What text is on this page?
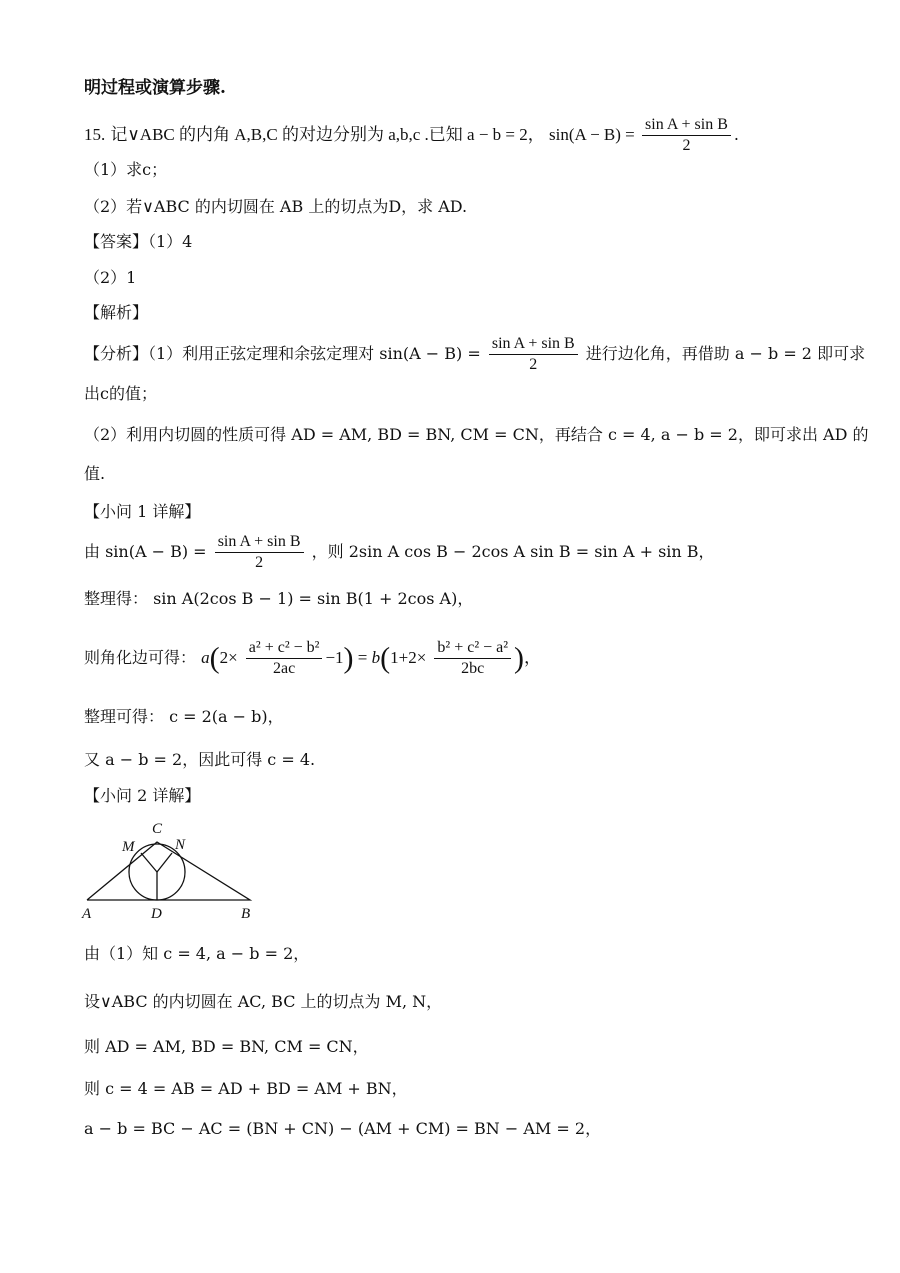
明过程或演算步骤.
15. 记∨ABC 的内角 A,B,C 的对边分别为 a,b,c .已知 a − b = 2， $\sin(A - B) = \frac{\text{sin A + sin B}}{2}$ .
（1）求c；
（2）若∨ABC 的内切圆在 AB 上的切点为D，求 AD.
【答案】（1）4
（2）1
【解析】
【分析】（1）利用正弦定理和余弦定理对 $\sin(A - B) = \frac{\text{sin A + sin B}}{2}$ 进行边化角，再借助 a − b = 2 即可求
出c的值；
（2）利用内切圆的性质可得 AD = AM, BD = BN, CM = CN，再结合 c = 4, a − b = 2，即可求出 AD 的
值.
【小问 1 详解】
由 $\sin(A - B) = \frac{\text{sin A + sin B}}{2}$ ，则 2sin A cos B − 2cos A sin B = sin A + sin B，
整理得： sin A(2cos B − 1) = sin B(1 + 2cos A)，
则角化边可得： $a(2\times \frac{\text{a² + c² − b²}}{2ac} -1) = b(1+2\times \frac{\text{b² + c² − a²}}{2bc}$ )，
整理可得： c = 2(a − b)，
又 a − b = 2，因此可得 c = 4.
【小问 2 详解】
C
M	N
A	D	B
由（1）知 c = 4, a − b = 2，
设∨ABC 的内切圆在 AC, BC 上的切点为 M, N，
则 AD = AM, BD = BN, CM = CN，
则 c = 4 = AB = AD + BD = AM + BN，
a − b = BC − AC = (BN + CN) − (AM + CM) = BN − AM = 2，
